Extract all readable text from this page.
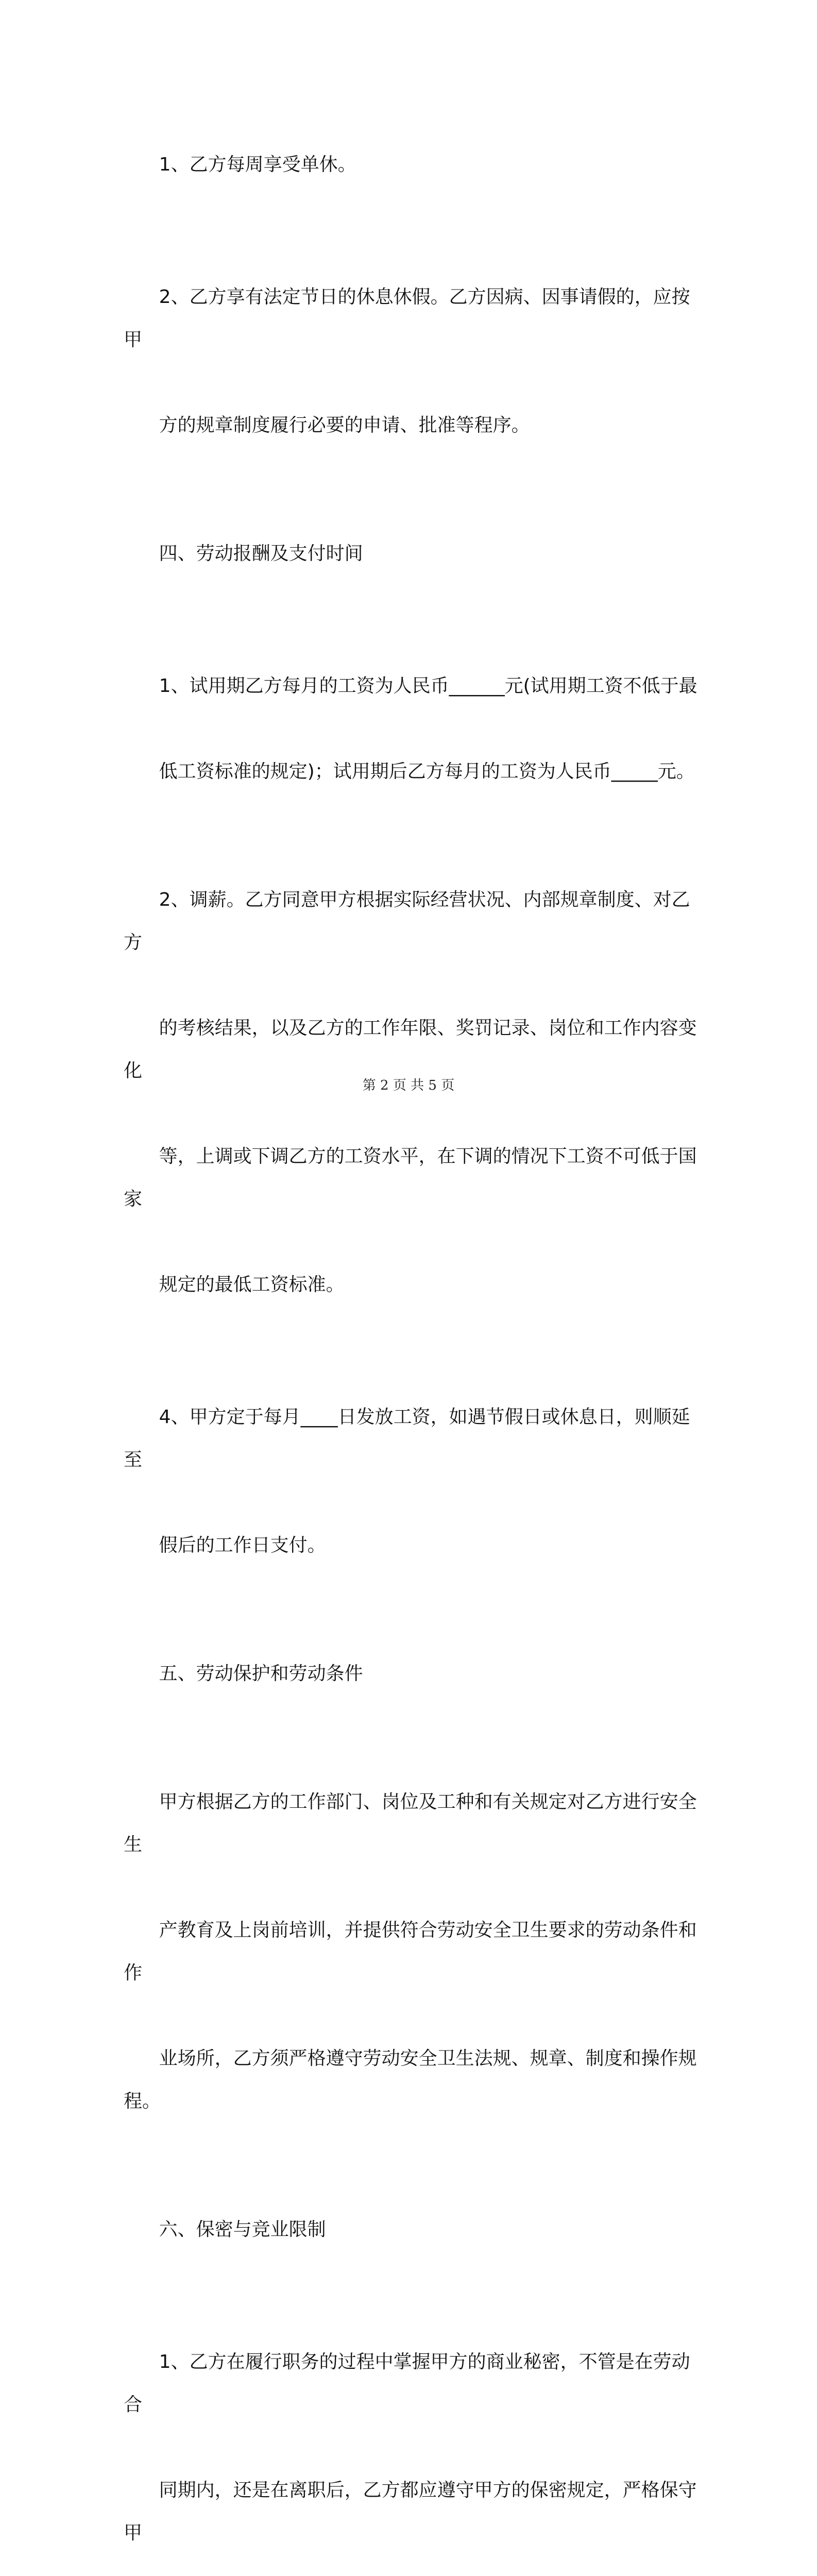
1、乙方每周享受单休。

2、乙方享有法定节日的休息休假。乙方因病、因事请假的，应按甲

方的规章制度履行必要的申请、批准等程序。

四、劳动报酬及支付时间

1、试用期乙方每月的工资为人民币______元(试用期工资不低于最

低工资标准的规定)；试用期后乙方每月的工资为人民币_____元。

2、调薪。乙方同意甲方根据实际经营状况、内部规章制度、对乙方

的考核结果，以及乙方的工作年限、奖罚记录、岗位和工作内容变化

等，上调或下调乙方的工资水平，在下调的情况下工资不可低于国家

规定的最低工资标准。

4、甲方定于每月____日发放工资，如遇节假日或休息日，则顺延至

假后的工作日支付。

五、劳动保护和劳动条件

甲方根据乙方的工作部门、岗位及工种和有关规定对乙方进行安全生

产教育及上岗前培训，并提供符合劳动安全卫生要求的劳动条件和作

业场所，乙方须严格遵守劳动安全卫生法规、规章、制度和操作规程。

六、保密与竞业限制

1、乙方在履行职务的过程中掌握甲方的商业秘密，不管是在劳动合

同期内，还是在离职后，乙方都应遵守甲方的保密规定，严格保守甲

第 2 页 共 5 页
